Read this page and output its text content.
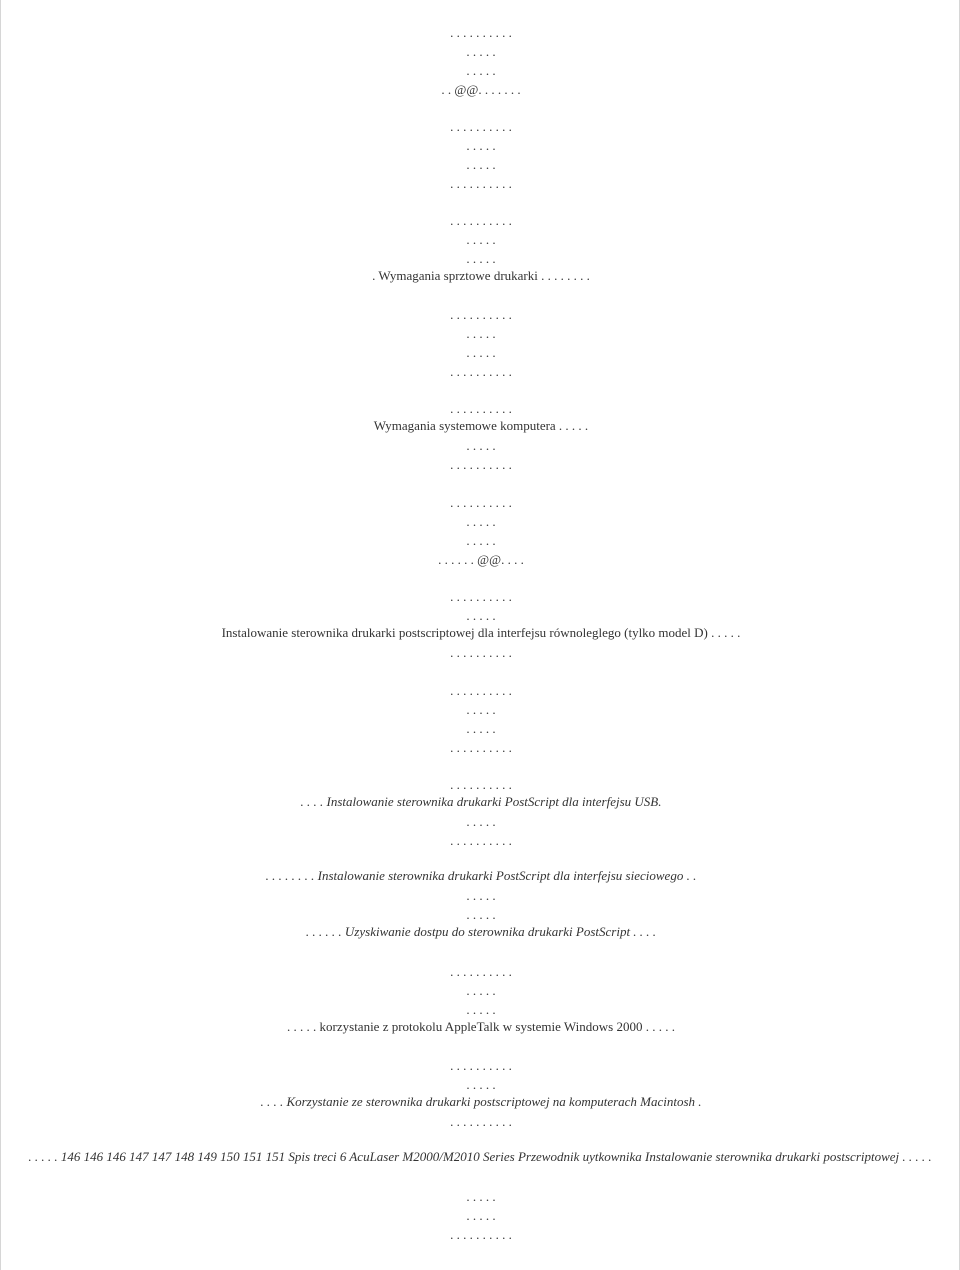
. . . . . . . . . .
. . . . .
. . . . .
. . @@. . . . . . .
. . . . . . . . . .
. . . . .
. . . . .
. . . . . . . . . .
. . . . . . . . . .
. . . . .
. . . . .
. Wymagania sprztowe drukarki . . . . . . . .
. . . . . . . . . .
. . . . .
. . . . .
. . . . . . . . . .
. . . . . . . . . .
Wymagania systemowe komputera . . . . .
. . . . .
. . . . . . . . . .
. . . . . . . . . .
. . . . .
. . . . .
. . . . . . @@. . . .
. . . . . . . . . .
. . . . .
Instalowanie sterownika drukarki postscriptowej dla interfejsu równoleglego (tylko model D) . . . . .
. . . . . . . . . .
. . . . . . . . . .
. . . . .
. . . . .
. . . . . . . . . .
. . . . . . . . . .
. . . . Instalowanie sterownika drukarki PostScript dla interfejsu USB.
. . . . .
. . . . . . . . . .
. . . . . . . . Instalowanie sterownika drukarki PostScript dla interfejsu sieciowego . .
. . . . .
. . . . .
. . . . . . Uzyskiwanie dostpu do sterownika drukarki PostScript . . . .
. . . . . . . . . .
. . . . .
. . . . .
. . . . . korzystanie z protokolu AppleTalk w systemie Windows 2000 . . . . .
. . . . . . . . . .
. . . . .
. . . . Korzystanie ze sterownika drukarki postscriptowej na komputerach Macintosh .
. . . . . . . . . .
. . . . . 146 146 146 147 147 148 149 150 151 151 Spis treci 6 AcuLaser M2000/M2010 Series Przewodnik uytkownika Instalowanie sterownika drukarki postscriptowej . . . . .
. . . . .
. . . . .
. . . . . . . . . .
